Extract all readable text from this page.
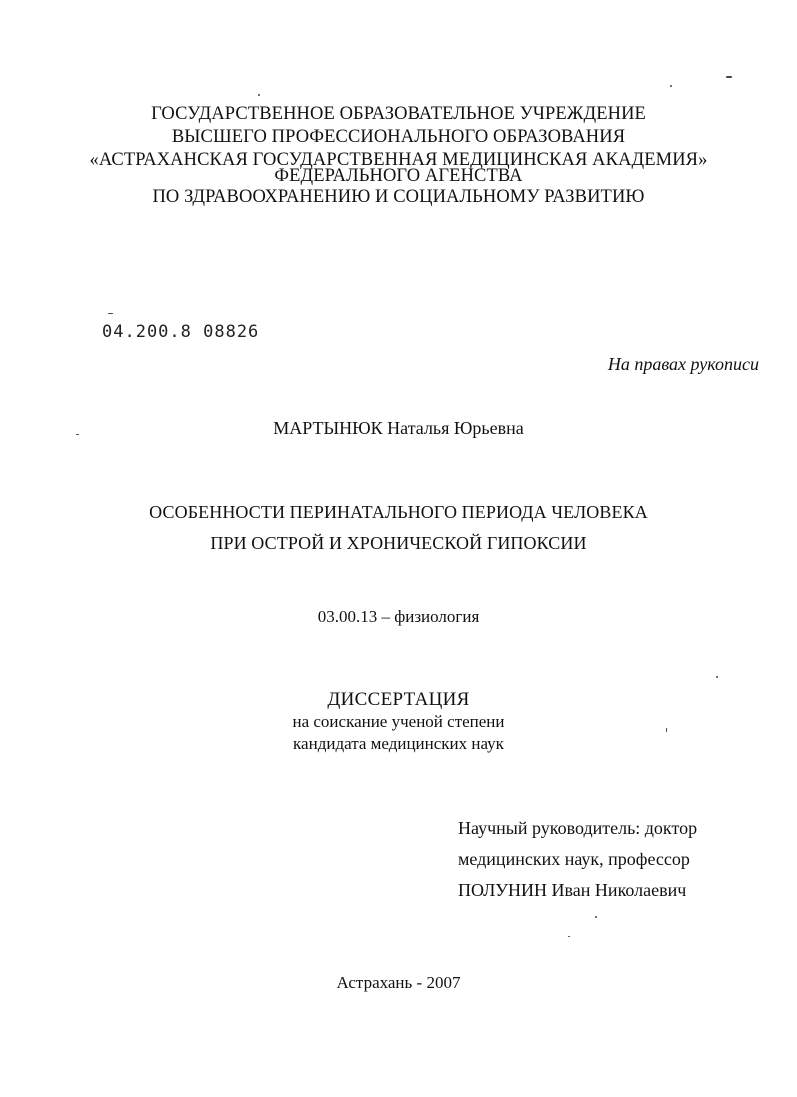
ГОСУДАРСТВЕННОЕ ОБРАЗОВАТЕЛЬНОЕ УЧРЕЖДЕНИЕ
ВЫСШЕГО ПРОФЕССИОНАЛЬНОГО ОБРАЗОВАНИЯ
«АСТРАХАНСКАЯ ГОСУДАРСТВЕННАЯ МЕДИЦИНСКАЯ АКАДЕМИЯ»
ФЕДЕРАЛЬНОГО АГЕНСТВА
ПО ЗДРАВООХРАНЕНИЮ И СОЦИАЛЬНОМУ РАЗВИТИЮ
04.200.8 08826
На правах рукописи
МАРТЫНЮК Наталья Юрьевна
ОСОБЕННОСТИ ПЕРИНАТАЛЬНОГО ПЕРИОДА ЧЕЛОВЕКА
ПРИ ОСТРОЙ И ХРОНИЧЕСКОЙ ГИПОКСИИ
03.00.13 – физиология
ДИССЕРТАЦИЯ
на соискание ученой степени
кандидата медицинских наук
Научный руководитель: доктор
медицинских наук, профессор
ПОЛУНИН Иван Николаевич
Астрахань - 2007
